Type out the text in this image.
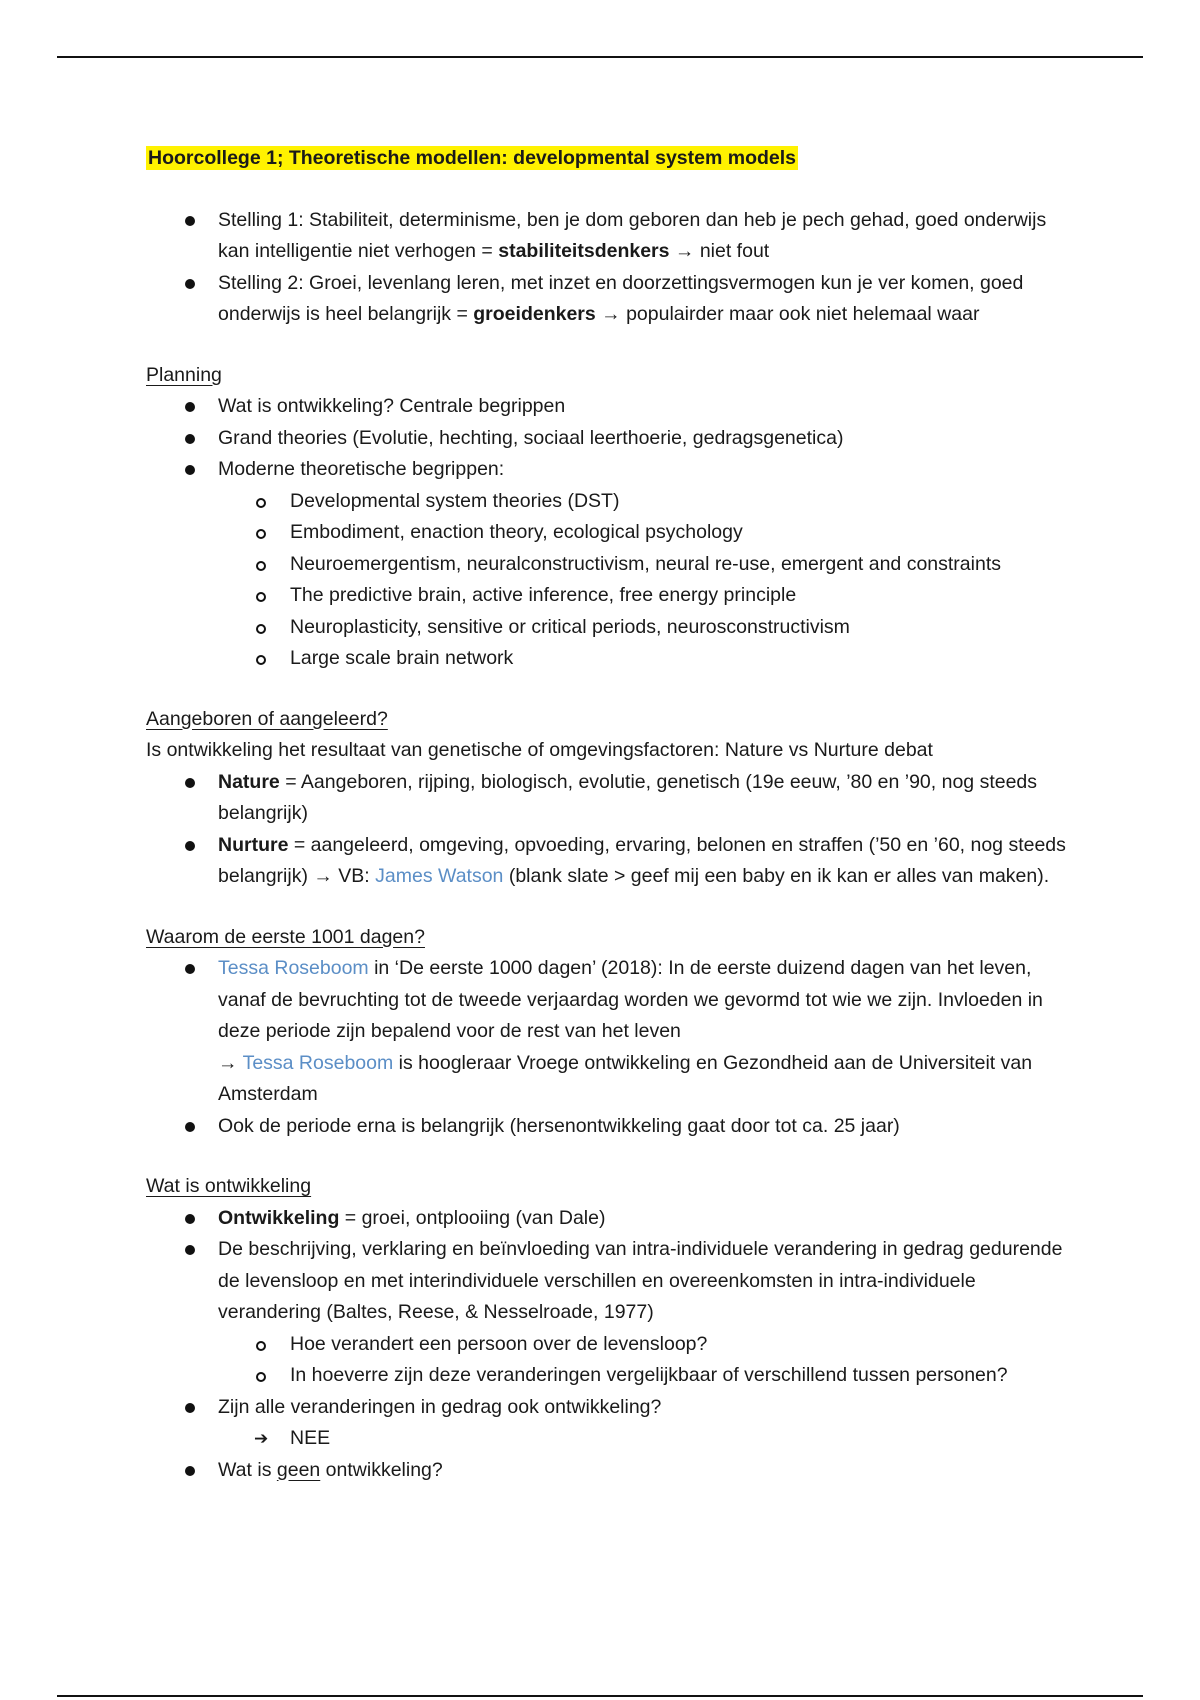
Hoorcollege 1; Theoretische modellen: developmental system models

Stelling 1: Stabiliteit, determinisme, ben je dom geboren dan heb je pech gehad, goed onderwijs kan intelligentie niet verhogen = stabiliteitsdenkers → niet fout
Stelling 2: Groei, levenlang leren, met inzet en doorzettingsvermogen kun je ver komen, goed onderwijs is heel belangrijk = groeidenkers → populairder maar ook niet helemaal waar

Planning

Wat is ontwikkeling? Centrale begrippen
Grand theories (Evolutie, hechting, sociaal leerthoerie, gedragsgenetica)
Moderne theoretische begrippen:
Developmental system theories (DST)
Embodiment, enaction theory, ecological psychology
Neuroemergentism, neuralconstructivism, neural re-use, emergent and constraints
The predictive brain, active inference, free energy principle
Neuroplasticity, sensitive or critical periods, neurosconstructivism
Large scale brain network

Aangeboren of aangeleerd?

Is ontwikkeling het resultaat van genetische of omgevingsfactoren: Nature vs Nurture debat

Nature = Aangeboren, rijping, biologisch, evolutie, genetisch (19e eeuw, ’80 en ’90, nog steeds belangrijk)
Nurture = aangeleerd, omgeving, opvoeding, ervaring, belonen en straffen (’50 en ’60, nog steeds belangrijk) → VB: James Watson (blank slate > geef mij een baby en ik kan er alles van maken).

Waarom de eerste 1001 dagen?

Tessa Roseboom in ‘De eerste 1000 dagen’ (2018): In de eerste duizend dagen van het leven, vanaf de bevruchting tot de tweede verjaardag worden we gevormd tot wie we zijn. Invloeden in deze periode zijn bepalend voor de rest van het leven
→ Tessa Roseboom is hoogleraar Vroege ontwikkeling en Gezondheid aan de Universiteit van Amsterdam
Ook de periode erna is belangrijk (hersenontwikkeling gaat door tot ca. 25 jaar)

Wat is ontwikkeling

Ontwikkeling = groei, ontplooiing (van Dale)
De beschrijving, verklaring en beïnvloeding van intra-individuele verandering in gedrag gedurende de levensloop en met interindividuele verschillen en overeenkomsten in intra-individuele verandering (Baltes, Reese, & Nesselroade, 1977)
Hoe verandert een persoon over de levensloop?
In hoeverre zijn deze veranderingen vergelijkbaar of verschillend tussen personen?
Zijn alle veranderingen in gedrag ook ontwikkeling?
➔ NEE
Wat is geen ontwikkeling?
